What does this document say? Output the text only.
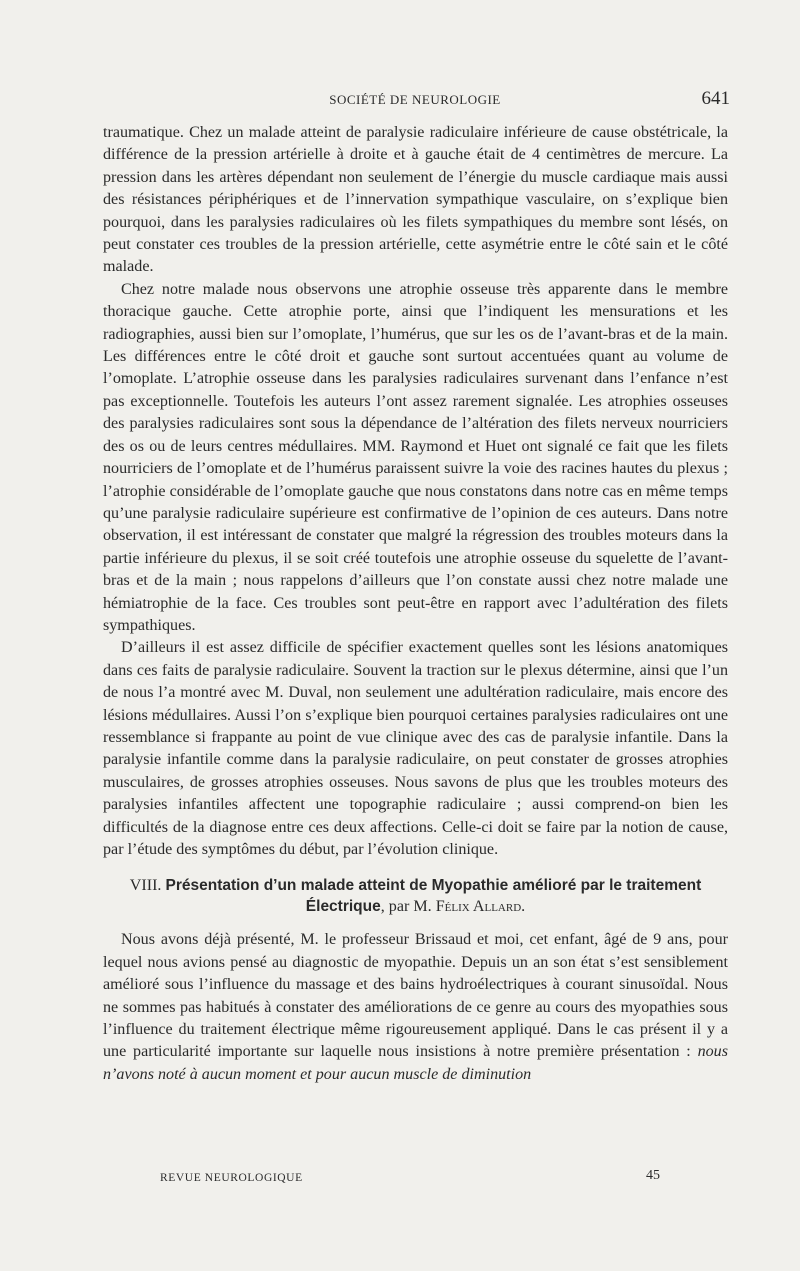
SOCIÉTÉ DE NEUROLOGIE	641

traumatique. Chez un malade atteint de paralysie radiculaire inférieure de cause obstétricale, la différence de la pression artérielle à droite et à gauche était de 4 centimètres de mercure. La pression dans les artères dépendant non seulement de l’énergie du muscle cardiaque mais aussi des résistances périphériques et de l’innervation sympathique vasculaire, on s’explique bien pourquoi, dans les paralysies radiculaires où les filets sympathiques du membre sont lésés, on peut constater ces troubles de la pression artérielle, cette asymétrie entre le côté sain et le côté malade.

Chez notre malade nous observons une atrophie osseuse très apparente dans le membre thoracique gauche. Cette atrophie porte, ainsi que l’indiquent les mensurations et les radiographies, aussi bien sur l’omoplate, l’humérus, que sur les os de l’avant-bras et de la main. Les différences entre le côté droit et gauche sont surtout accentuées quant au volume de l’omoplate. L’atrophie osseuse dans les paralysies radiculaires survenant dans l’enfance n’est pas exceptionnelle. Toutefois les auteurs l’ont assez rarement signalée. Les atrophies osseuses des paralysies radiculaires sont sous la dépendance de l’altération des filets nerveux nourriciers des os ou de leurs centres médullaires. MM. Raymond et Huet ont signalé ce fait que les filets nourriciers de l’omoplate et de l’humérus paraissent suivre la voie des racines hautes du plexus ; l’atrophie considérable de l’omoplate gauche que nous constatons dans notre cas en même temps qu’une paralysie radiculaire supérieure est confirmative de l’opinion de ces auteurs. Dans notre observation, il est intéressant de constater que malgré la régression des troubles moteurs dans la partie inférieure du plexus, il se soit créé toutefois une atrophie osseuse du squelette de l’avant-bras et de la main ; nous rappelons d’ailleurs que l’on constate aussi chez notre malade une hémiatrophie de la face. Ces troubles sont peut-être en rapport avec l’adultération des filets sympathiques.

D’ailleurs il est assez difficile de spécifier exactement quelles sont les lésions anatomiques dans ces faits de paralysie radiculaire. Souvent la traction sur le plexus détermine, ainsi que l’un de nous l’a montré avec M. Duval, non seulement une adultération radiculaire, mais encore des lésions médullaires. Aussi l’on s’explique bien pourquoi certaines paralysies radiculaires ont une ressemblance si frappante au point de vue clinique avec des cas de paralysie infantile. Dans la paralysie infantile comme dans la paralysie radiculaire, on peut constater de grosses atrophies musculaires, de grosses atrophies osseuses. Nous savons de plus que les troubles moteurs des paralysies infantiles affectent une topographie radiculaire ; aussi comprend-on bien les difficultés de la diagnose entre ces deux affections. Celle-ci doit se faire par la notion de cause, par l’étude des symptômes du début, par l’évolution clinique.

VIII. Présentation d’un malade atteint de Myopathie amélioré par le traitement Électrique, par M. Félix Allard.

Nous avons déjà présenté, M. le professeur Brissaud et moi, cet enfant, âgé de 9 ans, pour lequel nous avions pensé au diagnostic de myopathie. Depuis un an son état s’est sensiblement amélioré sous l’influence du massage et des bains hydroélectriques à courant sinusoïdal. Nous ne sommes pas habitués à constater des améliorations de ce genre au cours des myopathies sous l’influence du traitement électrique même rigoureusement appliqué. Dans le cas présent il y a une particularité importante sur laquelle nous insistions à notre première présentation : nous n’avons noté à aucun moment et pour aucun muscle de diminution

REVUE NEUROLOGIQUE	45
